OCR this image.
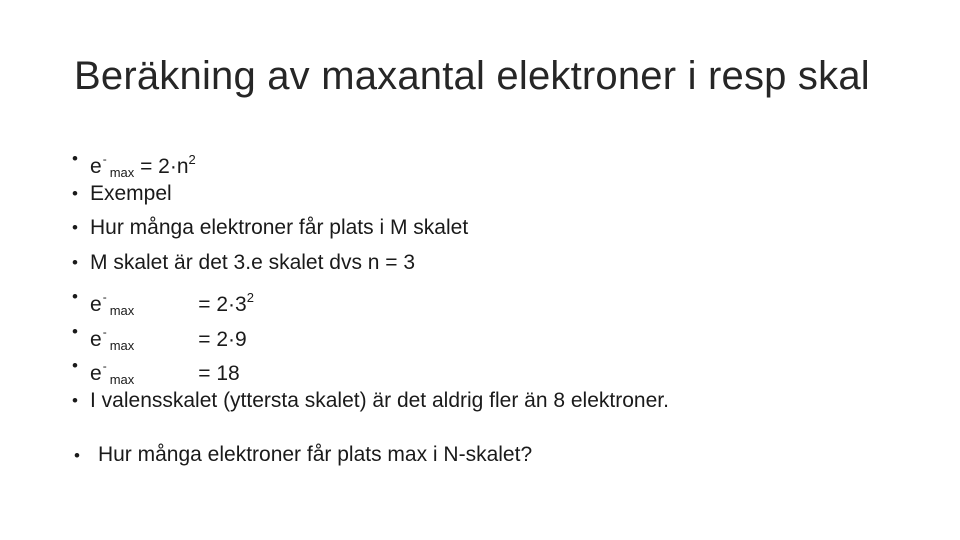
Beräkning av maxantal elektroner i resp skal
• $e^-_{max} = 2\cdot n^2$
• Exempel
• Hur många elektroner får plats i M skalet
• M skalet är det 3.e skalet dvs n = 3
• $e^-_{max}$	= $2\cdot 3^2$
• $e^-_{max}$	= 2·9
• $e^-_{max}$	= 18
• I valensskalet (yttersta skalet) är det aldrig fler än 8 elektroner.
• Hur många elektroner får plats max i N-skalet?
